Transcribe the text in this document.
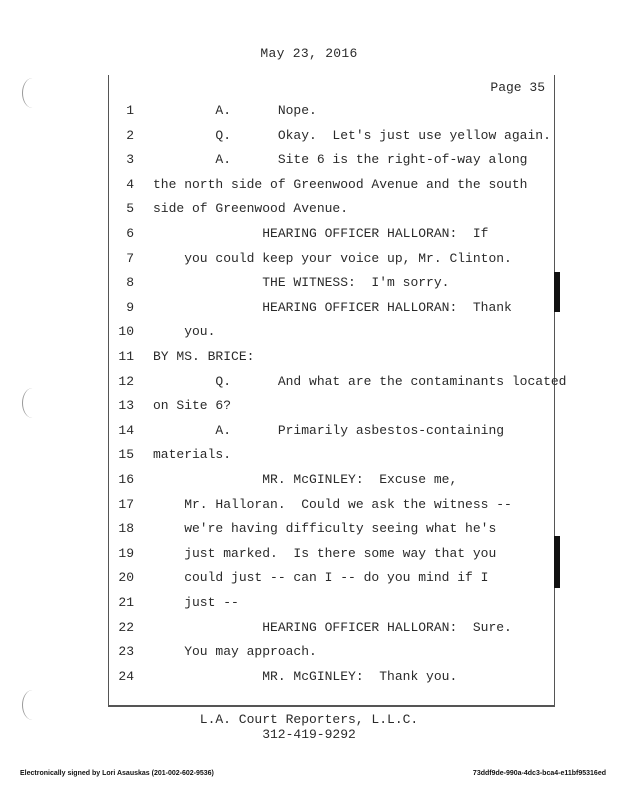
May 23, 2016
Page 35
1 A.      Nope.
2 Q.      Okay.  Let's just use yellow again.
3 A.      Site 6 is the right-of-way along
4 the north side of Greenwood Avenue and the south
5 side of Greenwood Avenue.
6 HEARING OFFICER HALLORAN:  If
7 you could keep your voice up, Mr. Clinton.
8 THE WITNESS:  I'm sorry.
9 HEARING OFFICER HALLORAN:  Thank
10 you.
11 BY MS. BRICE:
12 Q.      And what are the contaminants located
13 on Site 6?
14 A.      Primarily asbestos-containing
15 materials.
16 MR. McGINLEY:  Excuse me,
17 Mr. Halloran.  Could we ask the witness --
18 we're having difficulty seeing what he's
19 just marked.  Is there some way that you
20 could just -- can I -- do you mind if I
21 just --
22 HEARING OFFICER HALLORAN:  Sure.
23 You may approach.
24 MR. McGINLEY:  Thank you.
L.A. Court Reporters, L.L.C.
312-419-9292
Electronically signed by Lori Asauskas (201-002-602-9536)	73ddf9de-990a-4dc3-bca4-e11bf95316ed
